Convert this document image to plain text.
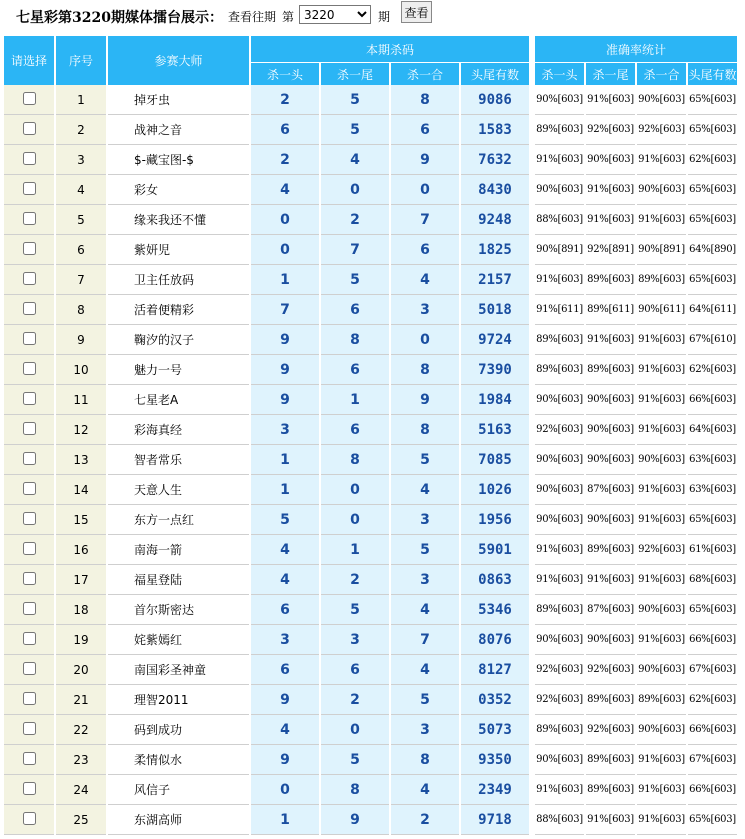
七星彩第3220期媒体擂台展示： 查看往期 第
3220	期 查看
请选择	序号	参赛大师	本期杀码					准确率统计			
			杀一头	杀一尾	杀一合	头尾有数		杀一头	杀一尾	杀一合	头尾有数
	1	掉牙虫	2	5	8	9086		90%[603]	91%[603]	90%[603]	65%[603]
	2	战神之音	6	5	6	1583		89%[603]	92%[603]	92%[603]	65%[603]
	3	$-藏宝图-$	2	4	9	7632		91%[603]	90%[603]	91%[603]	62%[603]
	4	彩女	4	0	0	8430		90%[603]	91%[603]	90%[603]	65%[603]
	5	缘来我还不懂	0	2	7	9248		88%[603]	91%[603]	91%[603]	65%[603]
	6	紫妍児	0	7	6	1825		90%[891]	92%[891]	90%[891]	64%[890]
	7	卫主任放码	1	5	4	2157		91%[603]	89%[603]	89%[603]	65%[603]
	8	活着便精彩	7	6	3	5018		91%[611]	89%[611]	90%[611]	64%[611]
	9	鞠汐的汉子	9	8	0	9724		89%[603]	91%[603]	91%[603]	67%[610]
	10	魅力一号	9	6	8	7390		89%[603]	89%[603]	91%[603]	62%[603]
	11	七星老A	9	1	9	1984		90%[603]	90%[603]	91%[603]	66%[603]
	12	彩海真经	3	6	8	5163		92%[603]	90%[603]	91%[603]	64%[603]
	13	智者常乐	1	8	5	7085		90%[603]	90%[603]	90%[603]	63%[603]
	14	天意人生	1	0	4	1026		90%[603]	87%[603]	91%[603]	63%[603]
	15	东方一点红	5	0	3	1956		90%[603]	90%[603]	91%[603]	65%[603]
	16	南海一箭	4	1	5	5901		91%[603]	89%[603]	92%[603]	61%[603]
	17	福星登陆	4	2	3	0863		91%[603]	91%[603]	91%[603]	68%[603]
	18	首尔斯密达	6	5	4	5346		89%[603]	87%[603]	90%[603]	65%[603]
	19	姹紫嫣红	3	3	7	8076		90%[603]	90%[603]	91%[603]	66%[603]
	20	南国彩圣神童	6	6	4	8127		92%[603]	92%[603]	90%[603]	67%[603]
	21	理智2011	9	2	5	0352		92%[603]	89%[603]	89%[603]	62%[603]
	22	码到成功	4	0	3	5073		89%[603]	92%[603]	90%[603]	66%[603]
	23	柔情似水	9	5	8	9350		90%[603]	89%[603]	91%[603]	67%[603]
	24	风信子	0	8	4	2349		91%[603]	89%[603]	91%[603]	66%[603]
	25	东湖高师	1	9	2	9718		88%[603]	91%[603]	91%[603]	65%[603]
